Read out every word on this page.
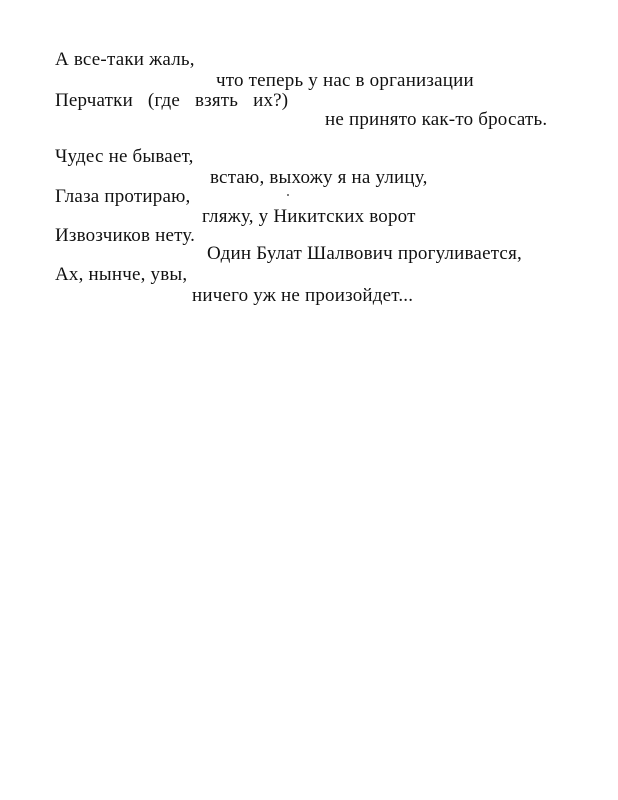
А все-таки жаль,
что теперь у нас в организации
Перчатки (где взять их?)
не принято как-то бросать.
Чудес не бывает,
встаю, выхожу я на улицу,
Глаза протираю,
гляжу, у Никитских ворот
Извозчиков нету.
Один Булат Шалвович прогуливается,
Ах, нынче, увы,
ничего уж не произойдет...
